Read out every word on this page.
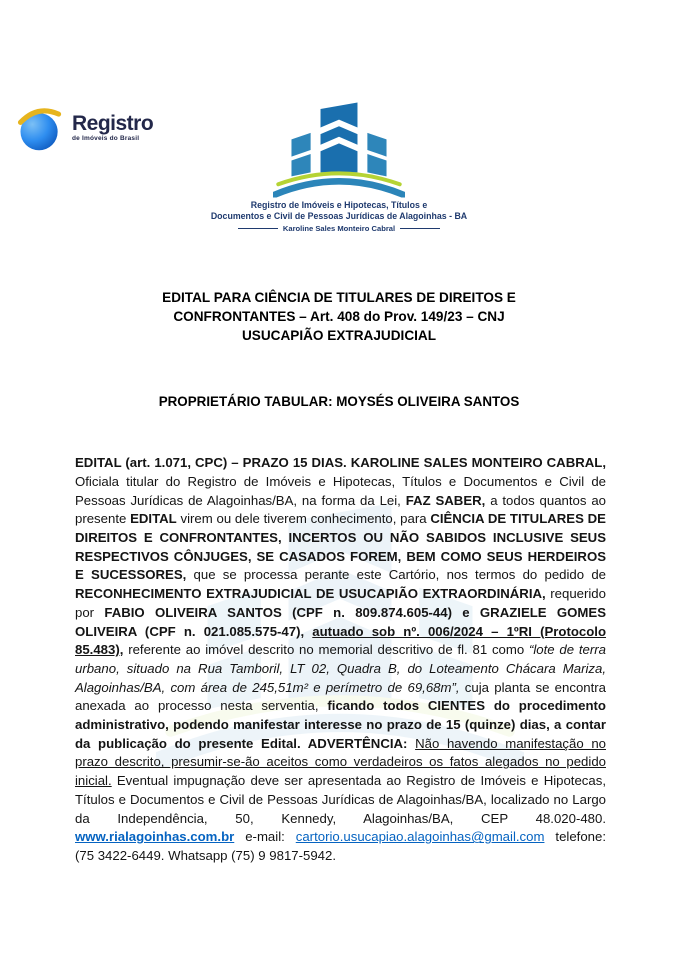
Registro
de Imóveis do Brasil
Registro de Imóveis e Hipotecas, Títulos e
Documentos e Civil de Pessoas Jurídicas de Alagoinhas - BA
Karoline Sales Monteiro Cabral
EDITAL PARA CIÊNCIA DE TITULARES DE DIREITOS E
CONFRONTANTES – Art. 408 do Prov. 149/23 – CNJ
USUCAPIÃO EXTRAJUDICIAL
PROPRIETÁRIO TABULAR: MOYSÉS OLIVEIRA SANTOS

EDITAL (art. 1.071, CPC) – PRAZO 15 DIAS. KAROLINE SALES MONTEIRO CABRAL, Oficiala titular do Registro de Imóveis e Hipotecas, Títulos e Documentos e Civil de Pessoas Jurídicas de Alagoinhas/BA, na forma da Lei, FAZ SABER, a todos quantos ao presente EDITAL virem ou dele tiverem conhecimento, para CIÊNCIA DE TITULARES DE DIREITOS E CONFRONTANTES, INCERTOS OU NÃO SABIDOS INCLUSIVE SEUS RESPECTIVOS CÔNJUGES, SE CASADOS FOREM, BEM COMO SEUS HERDEIROS E SUCESSORES, que se processa perante este Cartório, nos termos do pedido de RECONHECIMENTO EXTRAJUDICIAL DE USUCAPIÃO EXTRAORDINÁRIA, requerido por FABIO OLIVEIRA SANTOS (CPF n. 809.874.605-44) e GRAZIELE GOMES OLIVEIRA (CPF n. 021.085.575-47), autuado sob nº. 006/2024 – 1ºRI (Protocolo 85.483), referente ao imóvel descrito no memorial descritivo de fl. 81 como “lote de terra urbano, situado na Rua Tamboril, LT 02, Quadra B, do Loteamento Chácara Mariza, Alagoinhas/BA, com área de 245,51m² e perímetro de 69,68m”, cuja planta se encontra anexada ao processo nesta serventia, ficando todos CIENTES do procedimento administrativo, podendo manifestar interesse no prazo de 15 (quinze) dias, a contar da publicação do presente Edital. ADVERTÊNCIA: Não havendo manifestação no prazo descrito, presumir-se-ão aceitos como verdadeiros os fatos alegados no pedido inicial. Eventual impugnação deve ser apresentada ao Registro de Imóveis e Hipotecas, Títulos e Documentos e Civil de Pessoas Jurídicas de Alagoinhas/BA, localizado no Largo da Independência, 50, Kennedy, Alagoinhas/BA, CEP 48.020-480. www.rialagoinhas.com.br e-mail: cartorio.usucapiao.alagoinhas@gmail.com telefone: (75 3422-6449. Whatsapp (75) 9 9817-5942.
